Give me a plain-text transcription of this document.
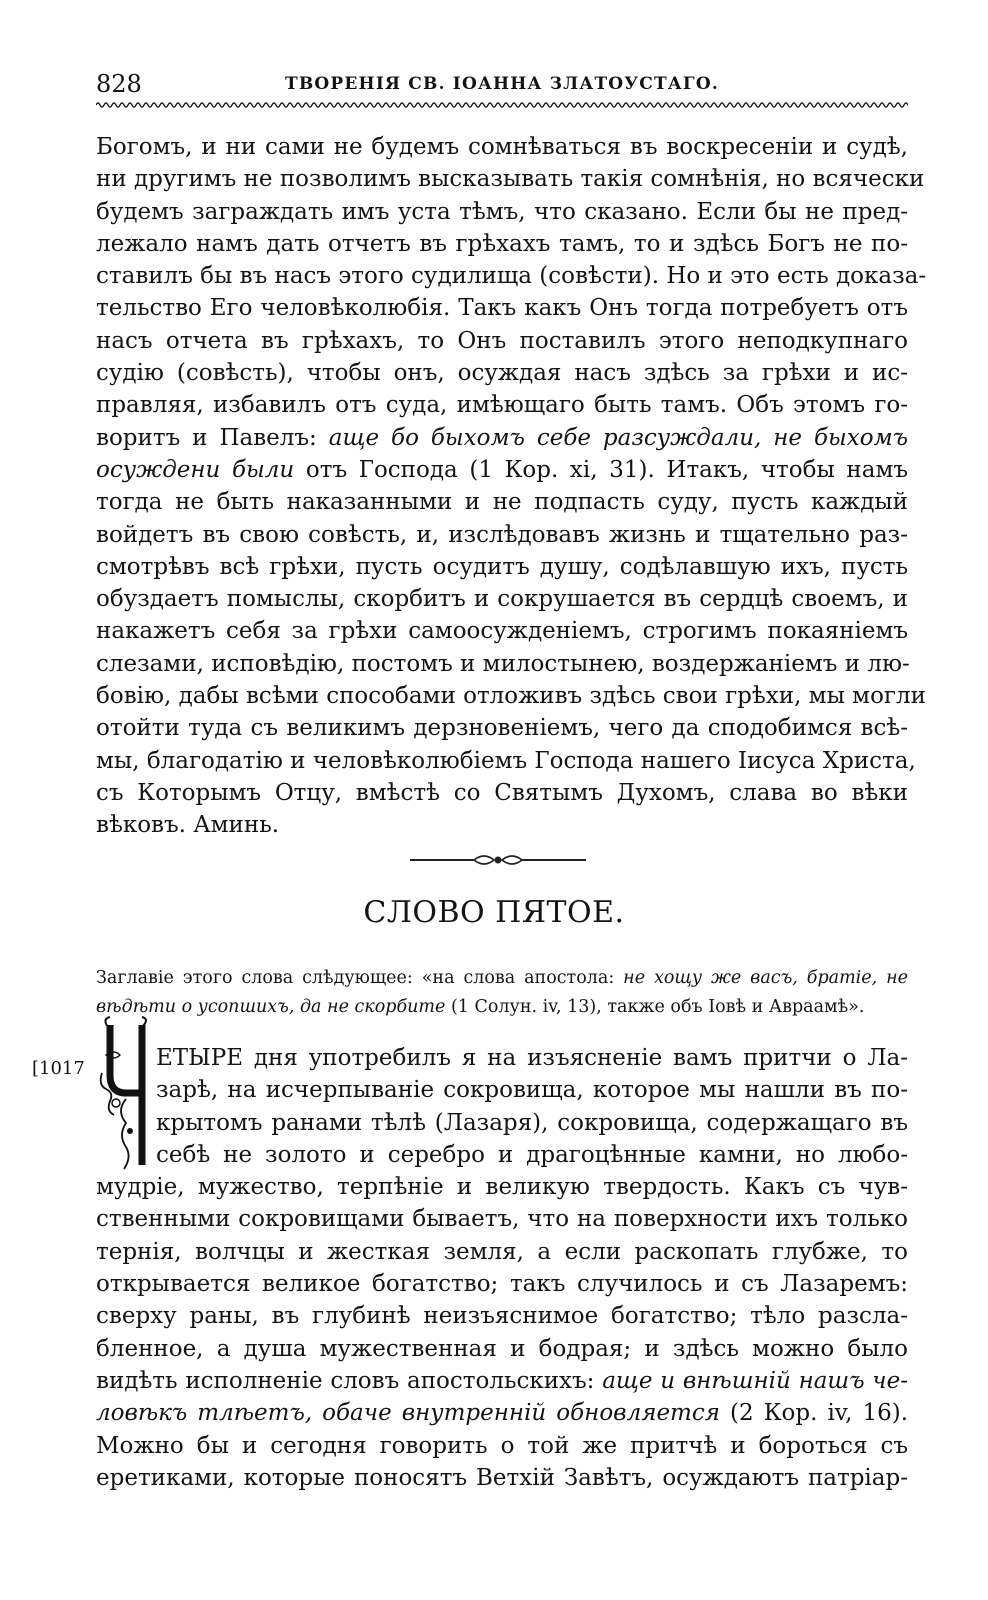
828	ТВОРЕНІЯ СВ. ІОАННА ЗЛАТОУСТАГО.
Богомъ, и ни сами не будемъ сомнѣваться въ воскресеніи и судѣ,
ни другимъ не позволимъ высказывать такія сомнѣнія, но всячески
будемъ заграждать имъ уста тѣмъ, что сказано. Если бы не пред-
лежало намъ дать отчетъ въ грѣхахъ тамъ, то и здѣсь Богъ не по-
ставилъ бы въ насъ этого судилища (совѣсти). Но и это есть доказа-
тельство Его человѣколюбія. Такъ какъ Онъ тогда потребуетъ отъ
насъ отчета въ грѣхахъ, то Онъ поставилъ этого неподкупнаго
судію (совѣсть), чтобы онъ, осуждая насъ здѣсь за грѣхи и ис-
правляя, избавилъ отъ суда, имѣющаго быть тамъ. Объ этомъ го-
воритъ и Павелъ: аще бо быхомъ себе разсуждали, не быхомъ
осуждени были отъ Господа (1 Кор. xi, 31). Итакъ, чтобы намъ
тогда не быть наказанными и не подпасть суду, пусть каждый
войдетъ въ свою совѣсть, и, изслѣдовавъ жизнь и тщательно раз-
смотрѣвъ всѣ грѣхи, пусть осудитъ душу, содѣлавшую ихъ, пусть
обуздаетъ помыслы, скорбитъ и сокрушается въ сердцѣ своемъ, и
накажетъ себя за грѣхи самоосужденіемъ, строгимъ покаяніемъ
слезами, исповѣдію, постомъ и милостынею, воздержаніемъ и лю-
бовію, дабы всѣми способами отложивъ здѣсь свои грѣхи, мы могли
отойти туда съ великимъ дерзновеніемъ, чего да сподобимся всѣ-
мы, благодатію и человѣколюбіемъ Господа нашего Іисуса Христа,
съ Которымъ Отцу, вмѣстѣ со Святымъ Духомъ, слава во вѣки
вѣковъ. Аминь.
СЛОВО ПЯТОЕ.
Заглавіе этого слова слѣдующее: «на слова апостола: не хощу же васъ, братіе, не
вѣдѣти о усопшихъ, да не скорбите (1 Солун. iv, 13), также объ Іовѣ и Авраамѣ».
[1017
Ч
ЕТЫРЕ дня употребилъ я на изъясненіе вамъ притчи о Ла-
зарѣ, на исчерпываніе сокровища, которое мы нашли въ по-
крытомъ ранами тѣлѣ (Лазаря), сокровища, содержащаго въ
себѣ не золото и серебро и драгоцѣнные камни, но любо-
мудріе, мужество, терпѣніе и великую твердость. Какъ съ чув-
ственными сокровищами бываетъ, что на поверхности ихъ только
тернія, волчцы и жесткая земля, а если раскопать глубже, то
открывается великое богатство; такъ случилось и съ Лазаремъ:
сверху раны, въ глубинѣ неизъяснимое богатство; тѣло разсла-
бленное, а душа мужественная и бодрая; и здѣсь можно было
видѣть исполненіе словъ апостольскихъ: аще и внѣшній нашъ че-
ловѣкъ тлѣетъ, обаче внутренній обновляется (2 Кор. iv, 16).
Можно бы и сегодня говорить о той же притчѣ и бороться съ
еретиками, которые поносятъ Ветхій Завѣтъ, осуждаютъ патріар-
